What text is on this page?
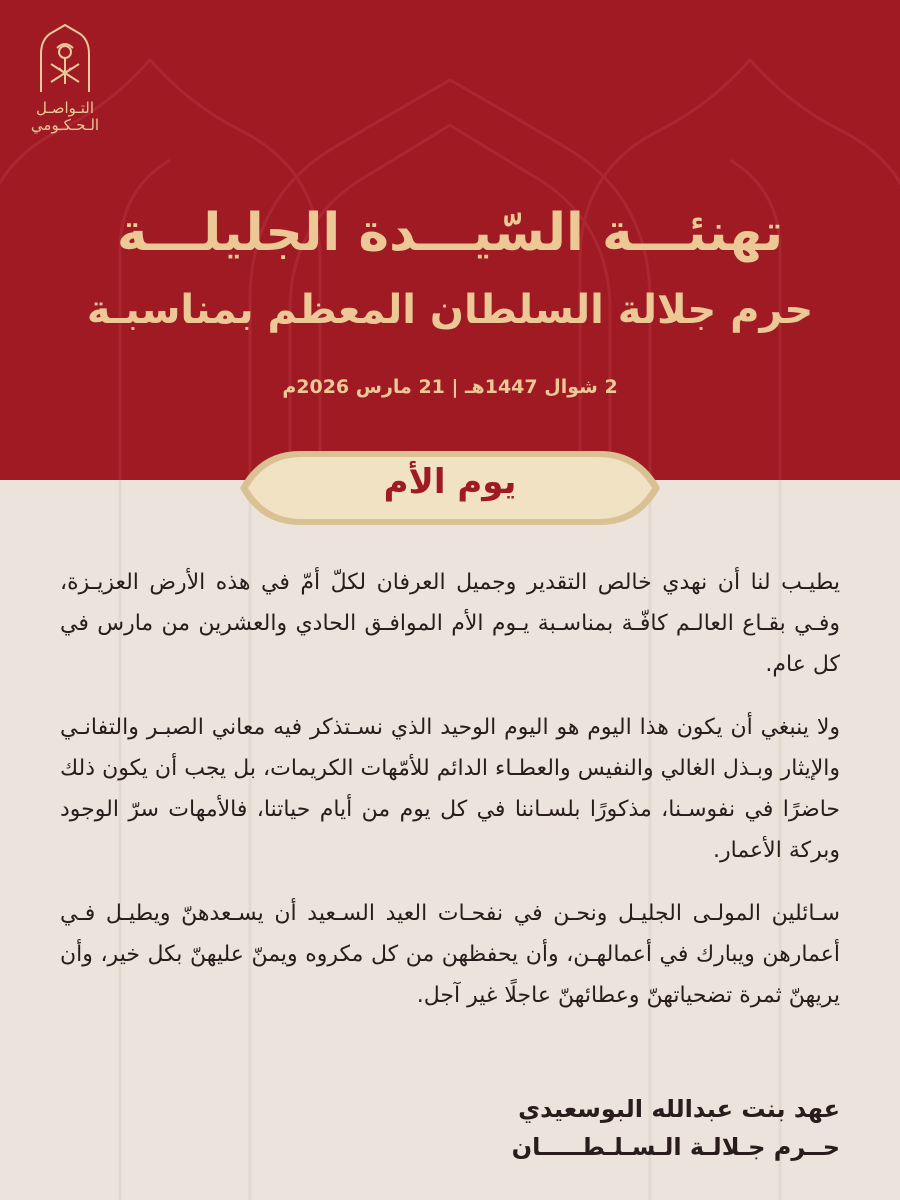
التـواصـل
الـحـكـومي
تهنئـــة السّيـــدة الجليلـــة
حرم جلالة السلطان المعظم بمناسبـة
2 شوال 1447هـ | 21 مارس 2026م
يوم الأم

يطيـب لنا أن نهدي خالص التقدير وجميل العرفان لكلّ أمّ في هذه الأرض العزيـزة، وفـي بقـاع العالـم كافّـة بمناسـبة يـوم الأم الموافـق الحادي والعشرين من مارس في كل عام.

ولا ينبغي أن يكون هذا اليوم هو اليوم الوحيد الذي نسـتذكر فيه معاني الصبـر والتفانـي والإيثار وبـذل الغالي والنفيس والعطـاء الدائم للأمّهات الكريمات، بل يجب أن يكون ذلك حاضرًا في نفوسـنا، مذكورًا بلسـاننا في كل يوم من أيام حياتنا، فالأمهات سرّ الوجود وبركة الأعمار.

سـائلين المولـى الجليـل ونحـن في نفحـات العيد السـعيد أن يسـعدهنّ ويطيـل فـي أعمارهن ويبارك في أعمالهـن، وأن يحفظهن من كل مكروه ويمنّ عليهنّ بكل خير، وأن يريهنّ ثمرة تضحياتهنّ وعطائهنّ عاجلًا غير آجل.

عهد بنت عبدالله البوسعيدي
حــرم جـلالـة الـسـلـطـــــان
